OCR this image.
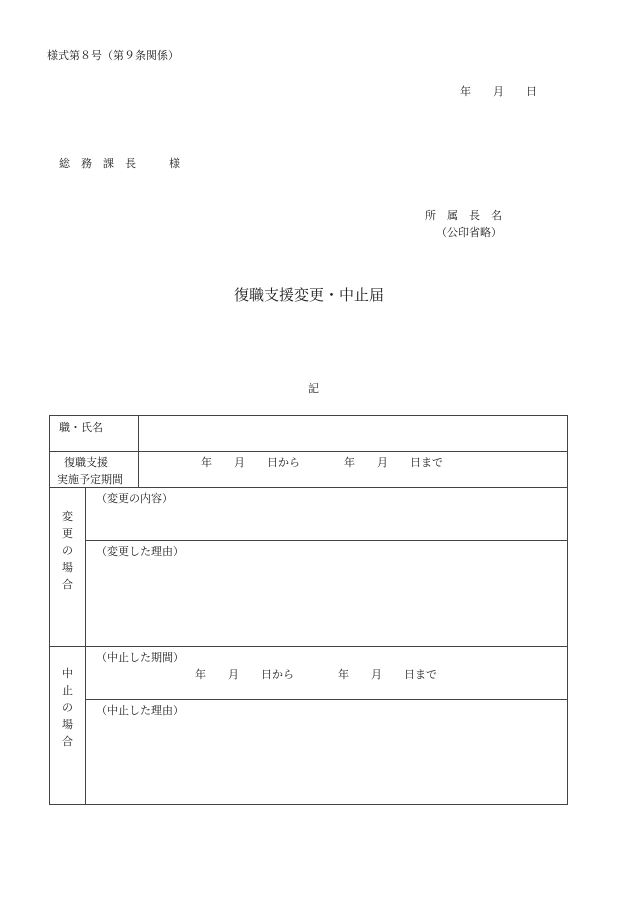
様式第８号（第９条関係）
年　　月　　日
総　務　課　長　　　様
所　属　長　名
（公印省略）
復職支援変更・中止届
記
職・氏名
復職支援
実施予定期間
年　　月　　日から　　　　年　　月　　日まで
変
更
の
場
合
（変更の内容）
（変更した理由）
中
止
の
場
合
（中止した期間）
年　　月　　日から　　　　年　　月　　日まで
（中止した理由）
